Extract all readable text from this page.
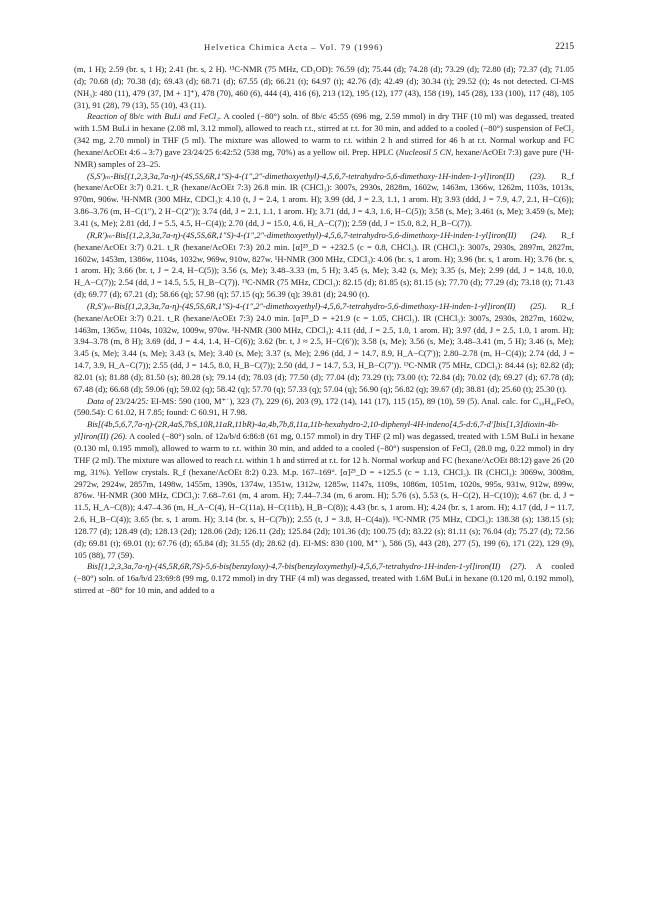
Helvetica Chimica Acta – Vol. 79 (1996)	2215

(m, 1 H); 2.59 (br. s, 1 H); 2.41 (br. s, 2 H). ¹³C-NMR (75 MHz, CD₃OD): 76.59 (d); 75.44 (d); 74.28 (d); 73.29 (d); 72.80 (d); 72.37 (d); 71.05 (d); 70.68 (d); 70.38 (d); 69.43 (d); 68.71 (d); 67.55 (d); 66.21 (t); 64.97 (t); 42.76 (d); 42.49 (d); 30.34 (t); 29.52 (t); 4s not detected. CI-MS (NH₃): 480 (11), 479 (37, [M + 1]⁺), 478 (70), 460 (6), 444 (4), 416 (6), 213 (12), 195 (12), 177 (43), 158 (19), 145 (28), 133 (100), 117 (48), 105 (31), 91 (28), 79 (13), 55 (10), 43 (11).

Reaction of 8b/c with BuLi and FeCl₂. A cooled (−80°) soln. of 8b/c 45:55 (696 mg, 2.59 mmol) in dry THF (10 ml) was degassed, treated with 1.5M BuLi in hexane (2.08 ml, 3.12 mmol), allowed to reach r.t., stirred at r.t. for 30 min, and added to a cooled (−80°) suspension of FeCl₂ (342 mg, 2.70 mmol) in THF (5 ml). The mixture was allowed to warm to r.t. within 2 h and stirred for 46 h at r.t. Normal workup and FC (hexane/AcOEt 4:6→3:7) gave 23/24/25 6:42:52 (538 mg, 70%) as a yellow oil. Prep. HPLC (Nucleosil 5 CN, hexane/AcOEt 7:3) gave pure (¹H-NMR) samples of 23–25.

(S,S′)ₘ-Bis[(1,2,3,3a,7a-η)-(4S,5S,6R,1″S)-4-(1″,2″-dimethoxyethyl)-4,5,6,7-tetrahydro-5,6-dimethoxy-1H-inden-1-yl]iron(II) (23). R_f (hexane/AcOEt 3:7) 0.21. t_R (hexane/AcOEt 7:3) 26.8 min. IR (CHCl₃): 3007s, 2930s, 2828m, 1602w, 1463m, 1366w, 1262m, 1103s, 1013s, 970m, 906w. ¹H-NMR (300 MHz, CDCl₃): 4.10 (t, J = 2.4, 1 arom. H); 3.99 (dd, J = 2.3, 1.1, 1 arom. H); 3.93 (ddd, J = 7.9, 4.7, 2.1, H−C(6)); 3.86–3.76 (m, H−C(1″), 2 H−C(2″)); 3.74 (dd, J = 2.1, 1.1, 1 arom. H); 3.71 (dd, J = 4.3, 1.6, H−C(5)); 3.58 (s, Me); 3.461 (s, Me); 3.459 (s, Me); 3.41 (s, Me); 2.81 (dd, J = 5.5, 4.5, H−C(4)); 2.70 (dd, J = 15.0, 4.6, H_A−C(7)); 2.59 (dd, J = 15.0, 8.2, H_B−C(7)).

(R,R′)ₘ-Bis[(1,2,3,3a,7a-η)-(4S,5S,6R,1″S)-4-(1″,2″-dimethoxyethyl)-4,5,6,7-tetrahydro-5,6-dimethoxy-1H-inden-1-yl]iron(II) (24). R_f (hexane/AcOEt 3:7) 0.21. t_R (hexane/AcOEt 7:3) 20.2 min. [α]²⁵_D = +232.5 (c = 0.8, CHCl₃). IR (CHCl₃): 3007s, 2930s, 2897m, 2827m, 1602w, 1453m, 1386w, 1104s, 1032w, 969w, 910w, 827w. ¹H-NMR (300 MHz, CDCl₃): 4.06 (br. s, 1 arom. H); 3.96 (br. s, 1 arom. H); 3.76 (br. s, 1 arom. H); 3.66 (br. t, J = 2.4, H−C(5)); 3.56 (s, Me); 3.48–3.33 (m, 5 H); 3.45 (s, Me); 3.42 (s, Me); 3.35 (s, Me); 2.99 (dd, J = 14.8, 10.0, H_A−C(7)); 2.54 (dd, J = 14.5, 5.5, H_B−C(7)). ¹³C-NMR (75 MHz, CDCl₃): 82.15 (d); 81.85 (s); 81.15 (s); 77.70 (d); 77.29 (d); 73.18 (t); 71.43 (d); 69.77 (d); 67.21 (d); 58.66 (q); 57.98 (q); 57.15 (q); 56.39 (q); 39.81 (d); 24.90 (t).

(R,S′)ₘ-Bis[(1,2,3,3a,7a-η)-(4S,5S,6R,1″S)-4-(1″,2″-dimethoxyethyl)-4,5,6,7-tetrahydro-5,6-dimethoxy-1H-inden-1-yl]iron(II) (25). R_f (hexane/AcOEt 3:7) 0.21. t_R (hexane/AcOEt 7:3) 24.0 min. [α]²⁵_D = +21.9 (c = 1.05, CHCl₃). IR (CHCl₃): 3007s, 2930s, 2827m, 1602w, 1463m, 1365w, 1104s, 1032w, 1009w, 970w. ¹H-NMR (300 MHz, CDCl₃): 4.11 (dd, J = 2.5, 1.0, 1 arom. H); 3.97 (dd, J = 2.5, 1.0, 1 arom. H); 3.94–3.78 (m, 8 H); 3.69 (dd, J = 4.4, 1.4, H−C(6)); 3.62 (br. t, J ≈ 2.5, H−C(6′)); 3.58 (s, Me); 3.56 (s, Me); 3.48–3.41 (m, 5 H); 3.46 (s, Me); 3.45 (s, Me); 3.44 (s, Me); 3.43 (s, Me); 3.40 (s, Me); 3.37 (s, Me); 2.96 (dd, J = 14.7, 8.9, H_A−C(7′)); 2.80–2.78 (m, H−C(4)); 2.74 (dd, J = 14.7, 3.9, H_A−C(7)); 2.55 (dd, J = 14.5, 8.0, H_B−C(7)); 2.50 (dd, J = 14.7, 5.3, H_B−C(7′)). ¹³C-NMR (75 MHz, CDCl₃): 84.44 (s); 82.82 (d); 82.01 (s); 81.88 (d); 81.50 (s); 80.28 (s); 79.14 (d); 78.03 (d); 77.50 (d); 77.04 (d); 73.29 (t); 73.00 (t); 72.84 (d); 70.02 (d); 69.27 (d); 67.78 (d); 67.48 (d); 66.68 (d); 59.06 (q); 59.02 (q); 58.42 (q); 57.70 (q); 57.33 (q); 57.04 (q); 56.90 (q); 56.82 (q); 39.67 (d); 38.81 (d); 25.60 (t); 25.30 (t).

Data of 23/24/25: EI-MS: 590 (100, M⁺˙), 323 (7), 229 (6), 203 (9), 172 (14), 141 (17), 115 (15), 89 (10), 59 (5). Anal. calc. for C₃₀H₄₆FeO₈ (590.54): C 61.02, H 7.85; found: C 60.91, H 7.98.

Bis[(4b,5,6,7,7a-η)-(2R,4aS,7bS,10R,11aR,11bR)-4a,4b,7b,8,11a,11b-hexahydro-2,10-diphenyl-4H-indeno[4,5-d:6,7-d′]bis[1,3]dioxin-4b-yl]iron(II) (26). A cooled (−80°) soln. of 12a/b/d 6:86:8 (61 mg, 0.157 mmol) in dry THF (2 ml) was degassed, treated with 1.5M BuLi in hexane (0.130 ml, 0.195 mmol), allowed to warm to r.t. within 30 min, and added to a cooled (−80°) suspension of FeCl₂ (28.0 mg, 0.22 mmol) in dry THF (2 ml). The mixture was allowed to reach r.t. within 1 h and stirred at r.t. for 12 h. Normal workup and FC (hexane/AcOEt 88:12) gave 26 (20 mg, 31%). Yellow crystals. R_f (hexane/AcOEt 8:2) 0.23. M.p. 167–169°. [α]²⁵_D = +125.5 (c = 1.13, CHCl₃). IR (CHCl₃): 3069w, 3008m, 2972w, 2924w, 2857m, 1498w, 1455m, 1390s, 1374w, 1351w, 1312w, 1285w, 1147s, 1109s, 1086m, 1051m, 1020s, 995s, 931w, 912w, 899w, 876w. ¹H-NMR (300 MHz, CDCl₃): 7.68–7.61 (m, 4 arom. H); 7.44–7.34 (m, 6 arom. H); 5.76 (s), 5.53 (s, H−C(2), H−C(10)); 4.67 (br. d, J = 11.5, H_A−C(8)); 4.47–4.36 (m, H_A−C(4), H−C(11a), H−C(11b), H_B−C(8)); 4.43 (br. s, 1 arom. H); 4.24 (br. s, 1 arom. H); 4.17 (dd, J = 11.7, 2.6, H_B−C(4)); 3.65 (br. s, 1 arom. H); 3.14 (br. s, H−C(7b)); 2.55 (t, J = 3.8, H−C(4a)). ¹³C-NMR (75 MHz, CDCl₃): 138.38 (s); 138.15 (s); 128.77 (d); 128.49 (d); 128.13 (2d); 128.06 (2d); 126.11 (2d); 125.84 (2d); 101.36 (d); 100.75 (d); 83.22 (s); 81.11 (s); 76.04 (d); 75.27 (d); 72.56 (d); 69.81 (t); 69.01 (t); 67.76 (d); 65.84 (d); 31.55 (d); 28.62 (d). EI-MS: 830 (100, M⁺˙), 586 (5), 443 (28), 277 (5), 199 (6), 171 (22), 129 (9), 105 (88), 77 (59).

Bis[(1,2,3,3a,7a-η)-(4S,5R,6R,7S)-5,6-bis(benzyloxy)-4,7-bis(benzyloxymethyl)-4,5,6,7-tetrahydro-1H-inden-1-yl]iron(II) (27). A cooled (−80°) soln. of 16a/b/d 23:69:8 (99 mg, 0.172 mmol) in dry THF (4 ml) was degassed, treated with 1.6M BuLi in hexane (0.120 ml, 0.192 mmol), stirred at −80° for 10 min, and added to a
